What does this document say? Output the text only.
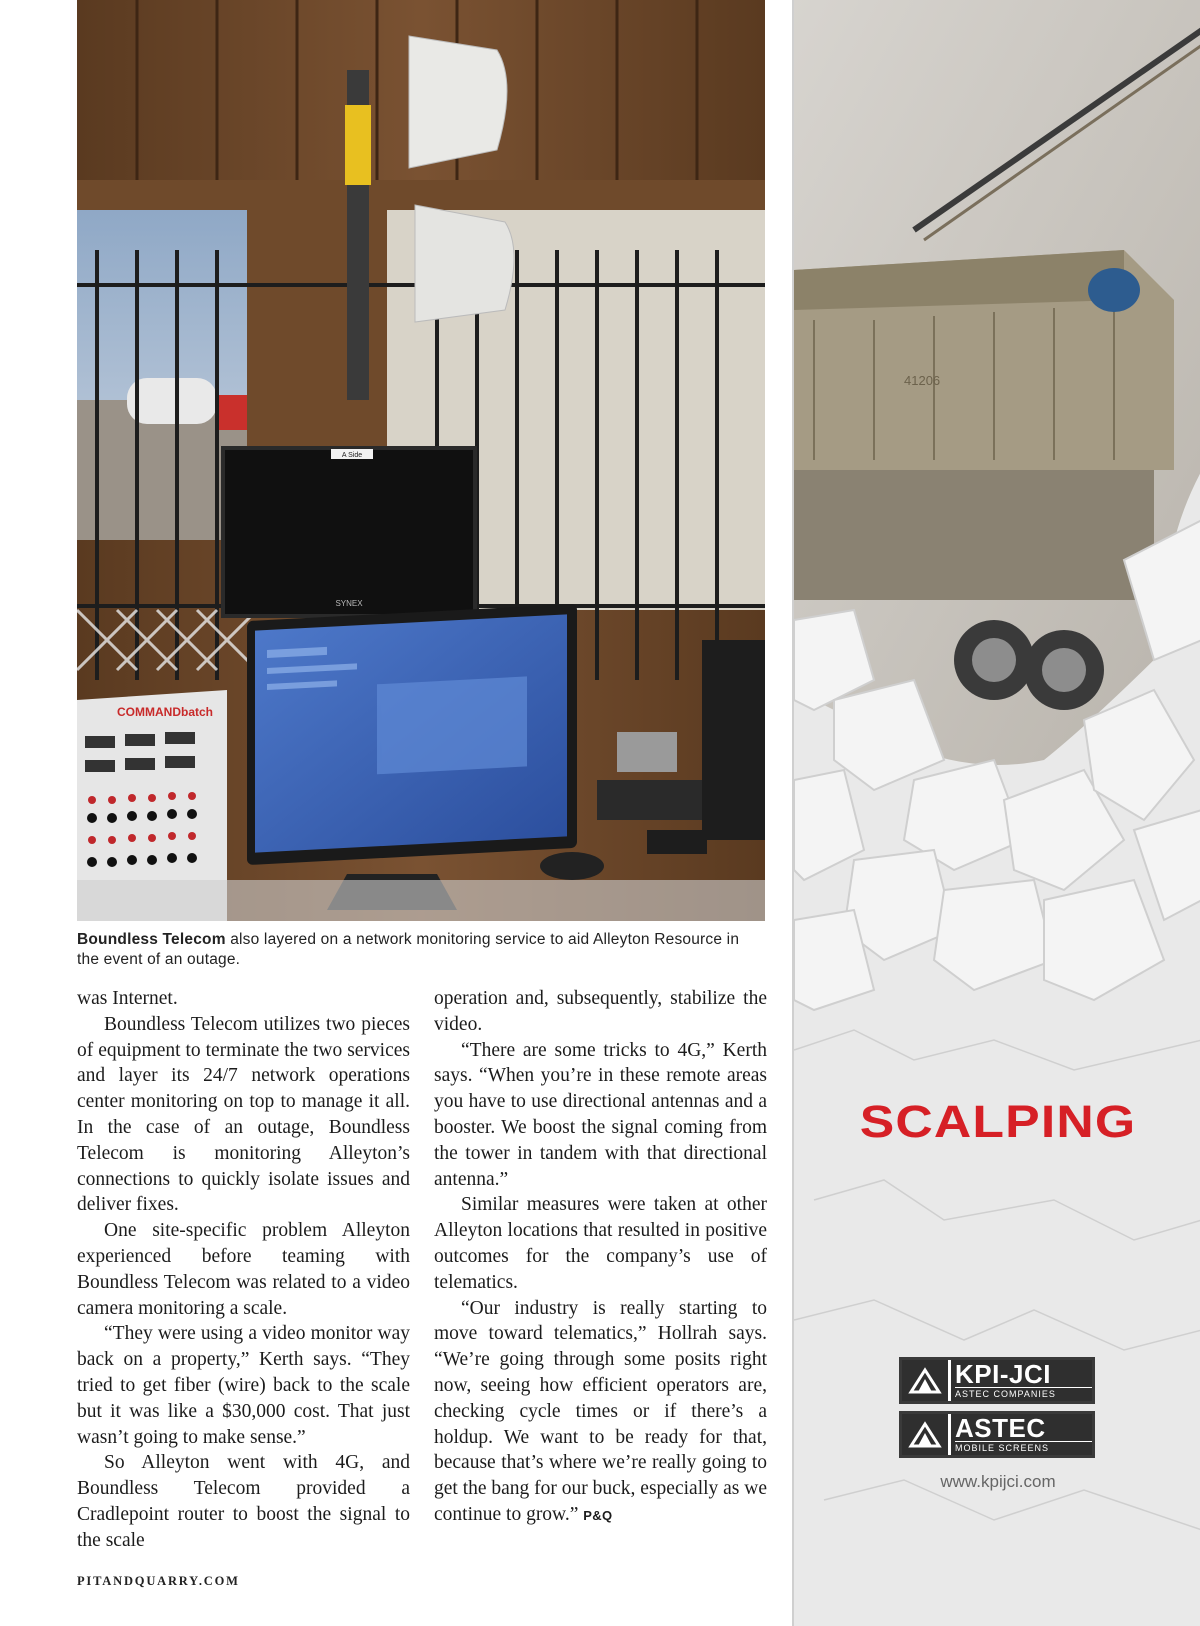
A Side
SYNEX
COMMANDbatch
Boundless Telecom also layered on a network monitoring service to aid Alleyton Resource in the event of an outage.

was Internet.

Boundless Telecom utilizes two pieces of equipment to terminate the two services and layer its 24/7 network operations center monitoring on top to manage it all. In the case of an outage, Boundless Telecom is monitoring Alleyton’s connections to quickly isolate issues and deliver fixes.

One site-specific problem Alleyton experienced before teaming with Boundless Telecom was related to a video camera monitoring a scale.

“They were using a video monitor way back on a property,” Kerth says. “They tried to get fiber (wire) back to the scale but it was like a $30,000 cost. That just wasn’t going to make sense.”

So Alleyton went with 4G, and Boundless Telecom provided a Cradlepoint router to boost the signal to the scale

operation and, subsequently, stabilize the video.

“There are some tricks to 4G,” Kerth says. “When you’re in these remote areas you have to use directional antennas and a booster. We boost the signal coming from the tower in tandem with that directional antenna.”

Similar measures were taken at other Alleyton locations that resulted in positive outcomes for the company’s use of telematics.

“Our industry is really starting to move toward telematics,” Hollrah says. “We’re going through some posits right now, seeing how efficient operators are, checking cycle times or if there’s a holdup. We want to be ready for that, because that’s where we’re really going to get the bang for our buck, especially as we continue to grow.” P&Q

PITANDQUARRY.COM
41206
SCALPING
KPI-JCI
ASTEC COMPANIES
ASTEC
MOBILE SCREENS
www.kpijci.com
